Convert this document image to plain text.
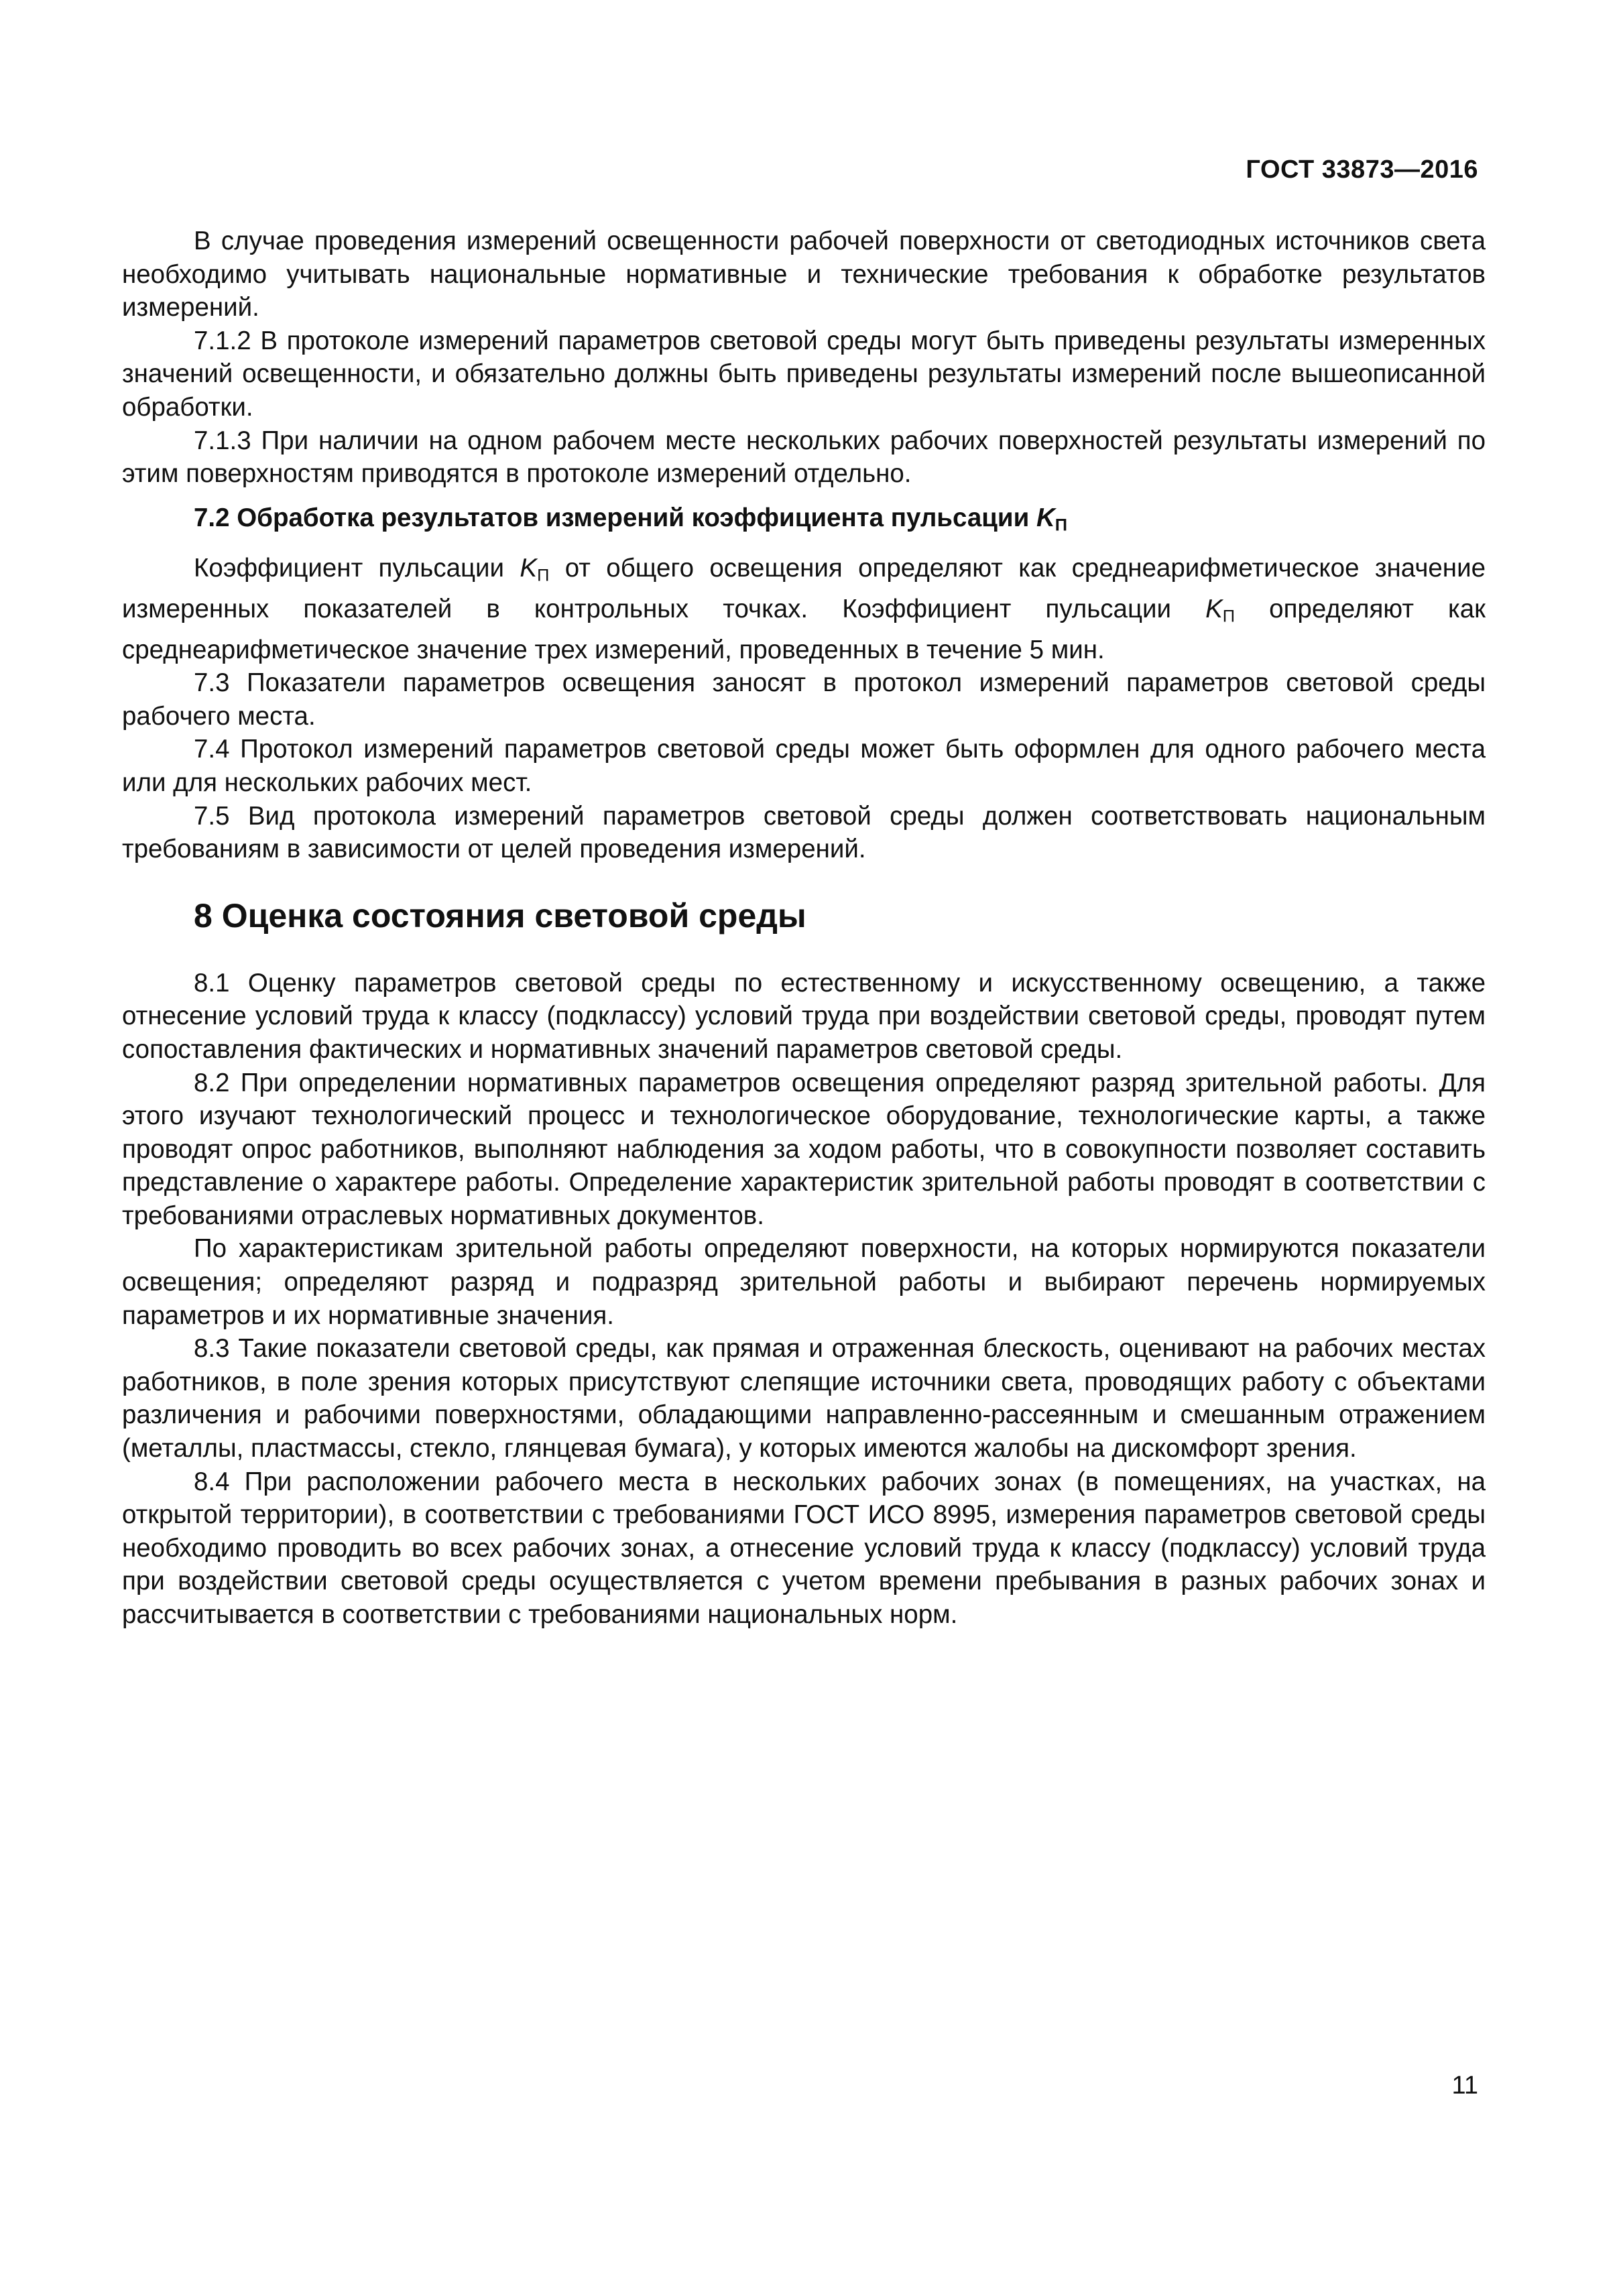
ГОСТ 33873—2016

В случае проведения измерений освещенности рабочей поверхности от светодиодных источников света необходимо учитывать национальные нормативные и технические требования к обработке результатов измерений.

7.1.2 В протоколе измерений параметров световой среды могут быть приведены результаты измеренных значений освещенности, и обязательно должны быть приведены результаты измерений после вышеописанной обработки.

7.1.3 При наличии на одном рабочем месте нескольких рабочих поверхностей результаты измерений по этим поверхностям приводятся в протоколе измерений отдельно.

7.2 Обработка результатов измерений коэффициента пульсации KП

Коэффициент пульсации KП от общего освещения определяют как среднеарифметическое значение измеренных показателей в контрольных точках. Коэффициент пульсации KП определяют как среднеарифметическое значение трех измерений, проведенных в течение 5 мин.

7.3 Показатели параметров освещения заносят в протокол измерений параметров световой среды рабочего места.

7.4 Протокол измерений параметров световой среды может быть оформлен для одного рабочего места или для нескольких рабочих мест.

7.5 Вид протокола измерений параметров световой среды должен соответствовать национальным требованиям в зависимости от целей проведения измерений.

8 Оценка состояния световой среды

8.1 Оценку параметров световой среды по естественному и искусственному освещению, а также отнесение условий труда к классу (подклассу) условий труда при воздействии световой среды, проводят путем сопоставления фактических и нормативных значений параметров световой среды.

8.2 При определении нормативных параметров освещения определяют разряд зрительной работы. Для этого изучают технологический процесс и технологическое оборудование, технологические карты, а также проводят опрос работников, выполняют наблюдения за ходом работы, что в совокупности позволяет составить представление о характере работы. Определение характеристик зрительной работы проводят в соответствии с требованиями отраслевых нормативных документов.

По характеристикам зрительной работы определяют поверхности, на которых нормируются показатели освещения; определяют разряд и подразряд зрительной работы и выбирают перечень нормируемых параметров и их нормативные значения.

8.3 Такие показатели световой среды, как прямая и отраженная блескость, оценивают на рабочих местах работников, в поле зрения которых присутствуют слепящие источники света, проводящих работу с объектами различения и рабочими поверхностями, обладающими направленно-рассеянным и смешанным отражением (металлы, пластмассы, стекло, глянцевая бумага), у которых имеются жалобы на дискомфорт зрения.

8.4 При расположении рабочего места в нескольких рабочих зонах (в помещениях, на участках, на открытой территории), в соответствии с требованиями ГОСТ ИСО 8995, измерения параметров световой среды необходимо проводить во всех рабочих зонах, а отнесение условий труда к классу (подклассу) условий труда при воздействии световой среды осуществляется с учетом времени пребывания в разных рабочих зонах и рассчитывается в соответствии с требованиями национальных норм.

11
